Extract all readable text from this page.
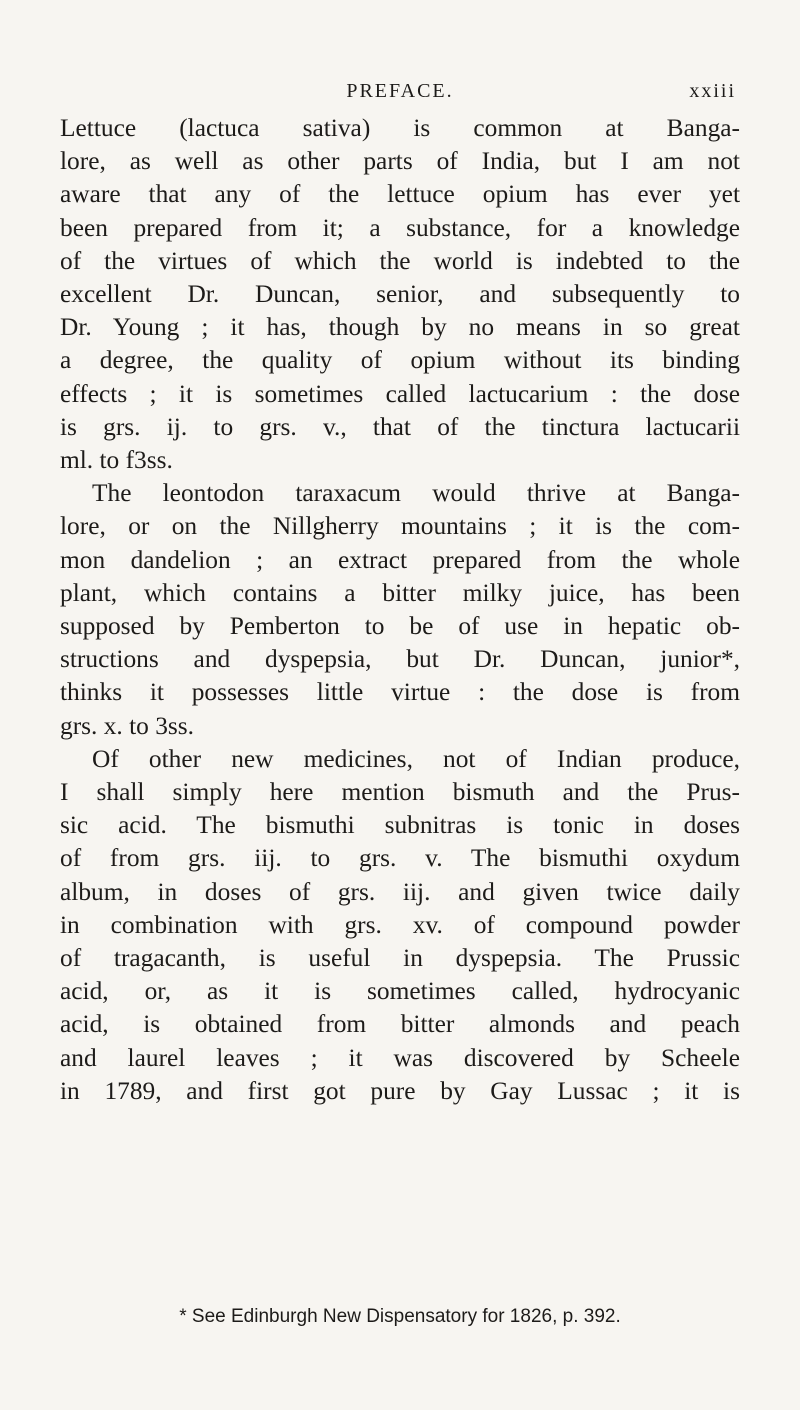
PREFACE.	xxiii
Lettuce (lactuca sativa) is common at Banga-
lore, as well as other parts of India, but I am not
aware that any of the lettuce opium has ever yet
been prepared from it; a substance, for a knowledge
of the virtues of which the world is indebted to the
excellent Dr. Duncan, senior, and subsequently to
Dr. Young ; it has, though by no means in so great
a degree, the quality of opium without its binding
effects ; it is sometimes called lactucarium : the dose
is grs. ij. to grs. v., that of the tinctura lactucarii
ml. to f3ss.
The leontodon taraxacum would thrive at Banga-
lore, or on the Nillgherry mountains ; it is the com-
mon dandelion ; an extract prepared from the whole
plant, which contains a bitter milky juice, has been
supposed by Pemberton to be of use in hepatic ob-
structions and dyspepsia, but Dr. Duncan, junior*,
thinks it possesses little virtue : the dose is from
grs. x. to 3ss.
Of other new medicines, not of Indian produce,
I shall simply here mention bismuth and the Prus-
sic acid. The bismuthi subnitras is tonic in doses
of from grs. iij. to grs. v. The bismuthi oxydum
album, in doses of grs. iij. and given twice daily
in combination with grs. xv. of compound powder
of tragacanth, is useful in dyspepsia. The Prussic
acid, or, as it is sometimes called, hydrocyanic
acid, is obtained from bitter almonds and peach
and laurel leaves ; it was discovered by Scheele
in 1789, and first got pure by Gay Lussac ; it is
* See Edinburgh New Dispensatory for 1826, p. 392.
